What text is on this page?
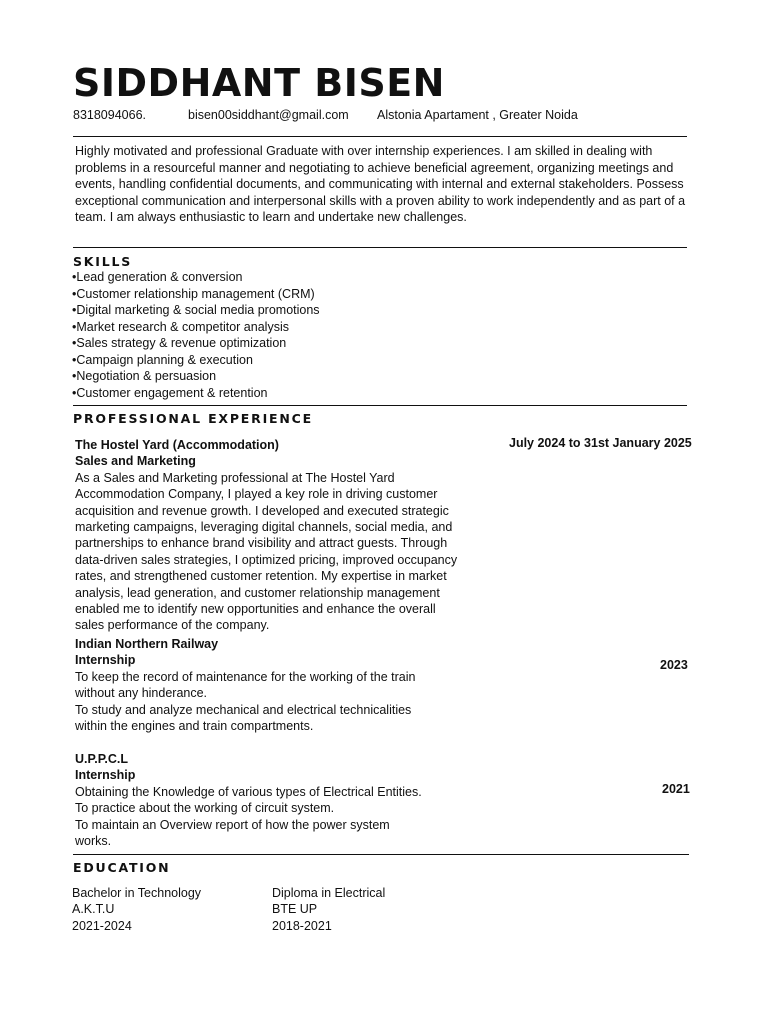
SIDDHANT BISEN
8318094066.	bisen00siddhant@gmail.com Alstonia Apartament , Greater Noida

Highly motivated and professional Graduate with over internship experiences. I am skilled in dealing with problems in a resourceful manner and negotiating to achieve beneficial agreement, organizing meetings and events, handling confidential documents, and communicating with internal and external stakeholders. Possess

exceptional communication and interpersonal skills with a proven ability to work independently and as part of a team. I am always enthusiastic to learn and undertake new challenges.

SKILLS
• Lead generation & conversion
• Customer relationship management (CRM)
• Digital marketing & social media promotions
• Market research & competitor analysis
• Sales strategy & revenue optimization
• Campaign planning & execution
• Negotiation & persuasion
• Customer engagement & retention
PROFESSIONAL EXPERIENCE
The Hostel Yard (Accommodation)
Sales and Marketing

As a Sales and Marketing professional at The Hostel Yard Accommodation Company, I played a key role in driving customer acquisition and revenue growth. I developed and executed strategic marketing campaigns, leveraging digital channels, social media, and partnerships to enhance brand visibility and attract guests. Through data-driven sales strategies, I optimized pricing, improved occupancy rates, and strengthened customer retention. My expertise in market analysis, lead generation, and customer relationship management enabled me to identify new opportunities and enhance the overall sales performance of the company.

July 2024 to 31st January 2025
Indian Northern Railway
Internship

To keep the record of maintenance for the working of the train without any hinderance.

To study and analyze mechanical and electrical technicalities within the engines and train compartments.

2023
U.P.P.C.L
Internship

Obtaining the Knowledge of various types of Electrical Entities.

To practice about the working of circuit system.

To maintain an Overview report of how the power system works.

2021
EDUCATION
Bachelor in Technology
A.K.T.U
2021-2024
Diploma in Electrical
BTE UP
2018-2021
